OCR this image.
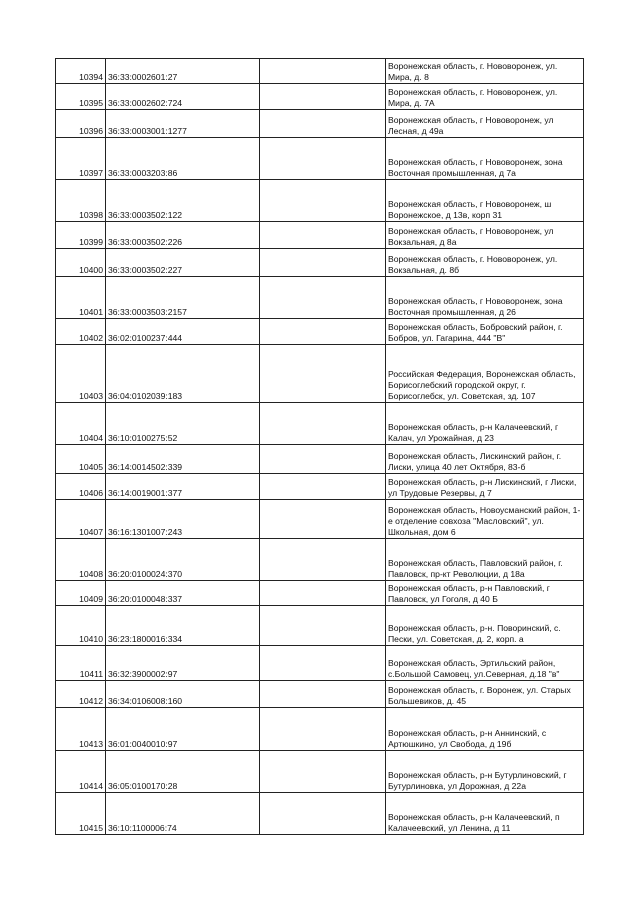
10394	36:33:0002601:27		Воронежская область, г. Нововоронеж, ул. Мира, д. 8
10395	36:33:0002602:724		Воронежская область, г. Нововоронеж, ул. Мира, д. 7А
10396	36:33:0003001:1277		Воронежская область, г Нововоронеж, ул Лесная, д 49а
10397	36:33:0003203:86		Воронежская область, г Нововоронеж, зона Восточная промышленная, д 7а
10398	36:33:0003502:122		Воронежская область, г Нововоронеж, ш Воронежское, д 13в, корп 31
10399	36:33:0003502:226		Воронежская область, г Нововоронеж, ул Вокзальная, д 8а
10400	36:33:0003502:227		Воронежская область, г. Нововоронеж, ул. Вокзальная, д. 8б
10401	36:33:0003503:2157		Воронежская область, г Нововоронеж, зона Восточная промышленная, д 26
10402	36:02:0100237:444		Воронежская область, Бобровский район, г. Бобров, ул. Гагарина, 444 "В"
10403	36:04:0102039:183		Российская Федерация, Воронежская область, Борисоглебский городской округ, г. Борисоглебск, ул. Советская, зд. 107
10404	36:10:0100275:52		Воронежская область, р-н Калачеевский, г Калач, ул Урожайная, д 23
10405	36:14:0014502:339		Воронежская область, Лискинский район, г. Лиски, улица 40 лет Октября, 83-б
10406	36:14:0019001:377		Воронежская область, р-н Лискинский, г Лиски, ул Трудовые Резервы, д 7
10407	36:16:1301007:243		Воронежская область, Новоусманский район, 1-е отделение совхоза "Масловский", ул. Школьная, дом 6
10408	36:20:0100024:370		Воронежская область, Павловский район, г. Павловск, пр-кт Революции, д 18а
10409	36:20:0100048:337		Воронежская область, р-н Павловский, г Павловск, ул Гоголя, д 40 Б
10410	36:23:1800016:334		Воронежская область, р-н. Поворинский, с. Пески, ул. Советская, д. 2, корп. а
10411	36:32:3900002:97		Воронежская область, Эртильский район, с.Большой Самовец, ул.Северная, д.18 "в"
10412	36:34:0106008:160		Воронежская область, г. Воронеж, ул. Старых Большевиков, д. 45
10413	36:01:0040010:97		Воронежская область, р-н Аннинский, с Артюшкино, ул Свобода, д 19б
10414	36:05:0100170:28		Воронежская область, р-н Бутурлиновский, г Бутурлиновка, ул Дорожная, д 22а
10415	36:10:1100006:74		Воронежская область, р-н Калачеевский, п Калачеевский, ул Ленина, д 11
